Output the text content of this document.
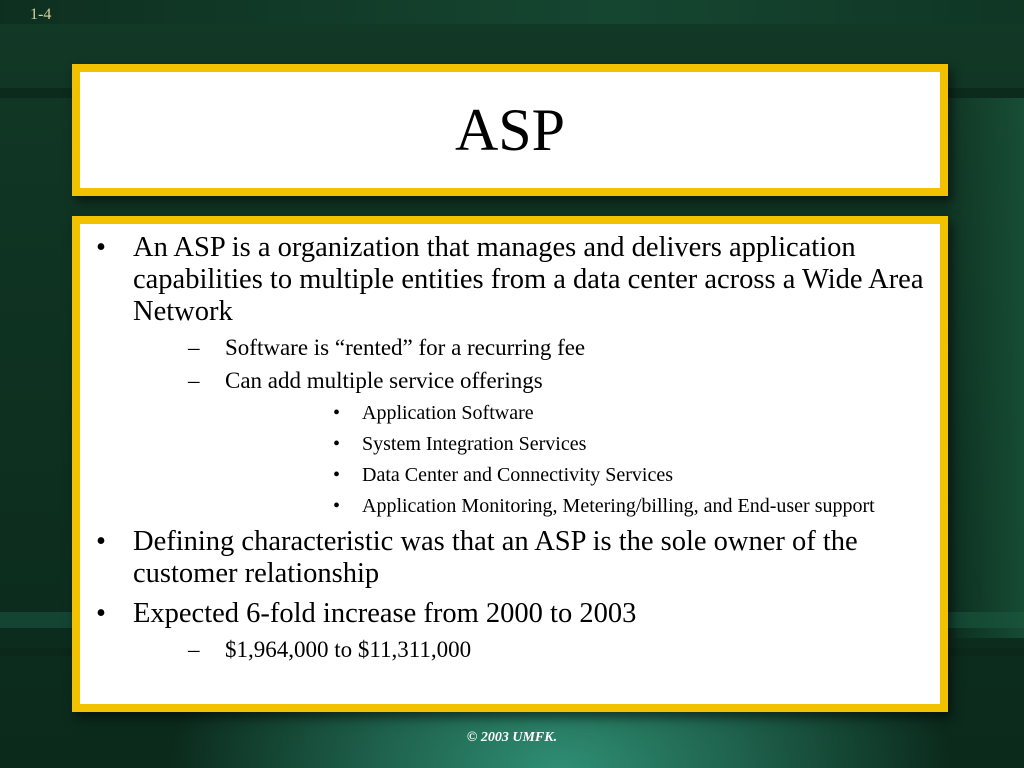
1-4
ASP
• An ASP is a organization that manages and delivers application capabilities to multiple entities from a data center across a Wide Area Network
– Software is “rented” for a recurring fee
– Can add multiple service offerings
• Application Software
• System Integration Services
• Data Center and Connectivity Services
• Application Monitoring, Metering/billing, and End-user support
• Defining characteristic was that an ASP is the sole owner of the customer relationship
• Expected 6-fold increase from 2000 to 2003
– $1,964,000 to $11,311,000
© 2003 UMFK.
